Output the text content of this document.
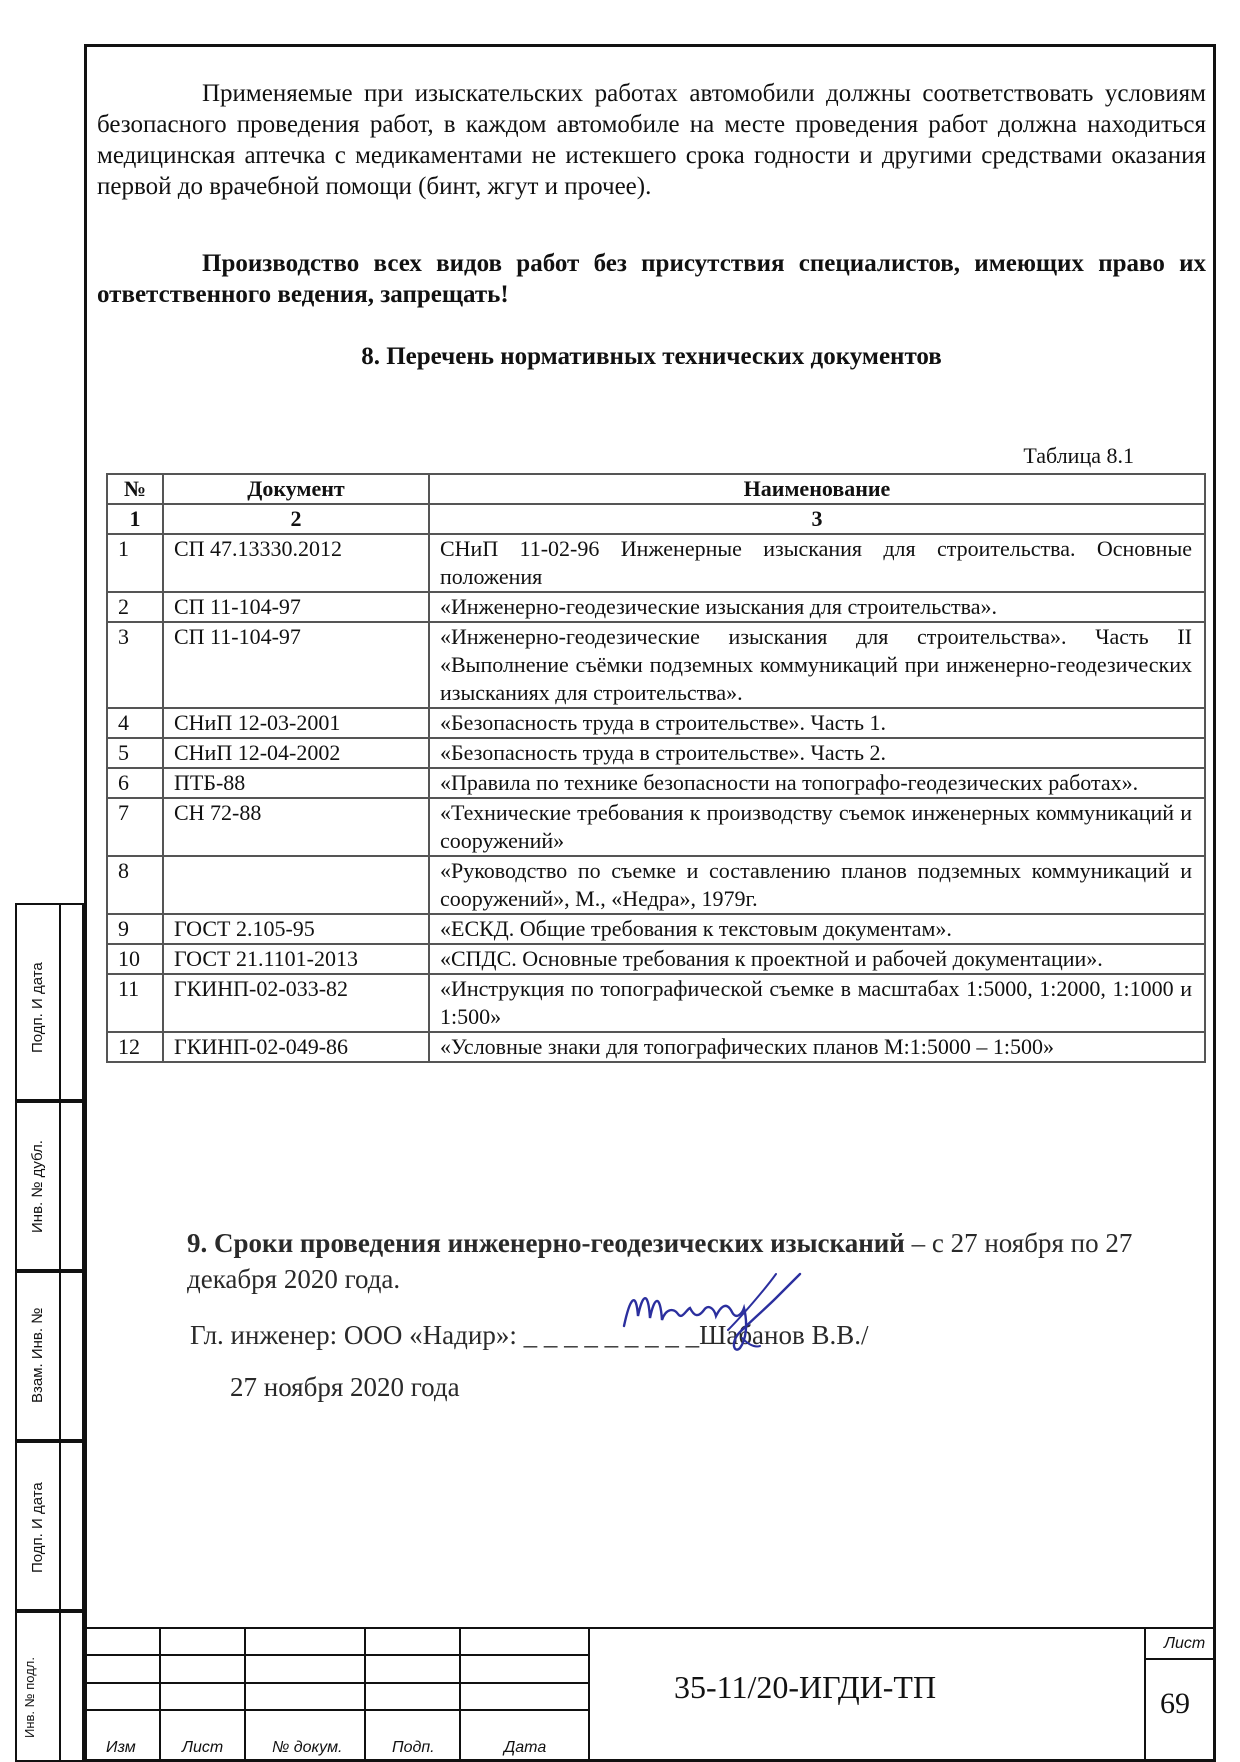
Применяемые при изыскательских работах автомобили должны соответствовать условиям безопасного проведения работ, в каждом автомобиле на месте проведения работ должна находиться медицинская аптечка с медикаментами не истекшего срока годности и другими средствами оказания первой до врачебной помощи (бинт, жгут и прочее).

Производство всех видов работ без присутствия специалистов, имеющих право их ответственного ведения, запрещать!

8. Перечень нормативных технических документов
Таблица 8.1
№	Документ	Наименование
1	2	3
1	СП 47.13330.2012	СНиП 11-02-96 Инженерные изыскания для строительства. Основные положения
2	СП 11-104-97	«Инженерно-геодезические изыскания для строительства».
3	СП 11-104-97	«Инженерно-геодезические изыскания для строительства». Часть II «Выполнение съёмки подземных коммуникаций при инженерно-геодезических изысканиях для строительства».
4	СНиП 12-03-2001	«Безопасность труда в строительстве». Часть 1.
5	СНиП 12-04-2002	«Безопасность труда в строительстве». Часть 2.
6	ПТБ-88	«Правила по технике безопасности на топографо-геодезических работах».
7	СН 72-88	«Технические требования к производству съемок инженерных коммуникаций и сооружений»
8		«Руководство по съемке и составлению планов подземных коммуникаций и сооружений», М., «Недра», 1979г.
9	ГОСТ 2.105-95	«ЕСКД. Общие требования к текстовым документам».
10	ГОСТ 21.1101-2013	«СПДС. Основные требования к проектной и рабочей документации».
11	ГКИНП-02-033-82	«Инструкция по топографической съемке в масштабах 1:5000, 1:2000, 1:1000 и 1:500»
12	ГКИНП-02-049-86	«Условные знаки для топографических планов М:1:5000 – 1:500»
9. Сроки проведения инженерно-геодезических изысканий – с 27 ноября по 27 декабря 2020 года.
Гл. инженер: ООО «Надир»: _ _ _ _ _ _ _ _ _Шабанов В.В./
27 ноября 2020 года
Подп. И дата
Инв. № дубл.
Взам. Инв. №
Подп. И дата
Инв. № подл.
Изм	Лист	№ докум.	Подп.	Дата
35-11/20-ИГДИ-ТП
Лист
69
